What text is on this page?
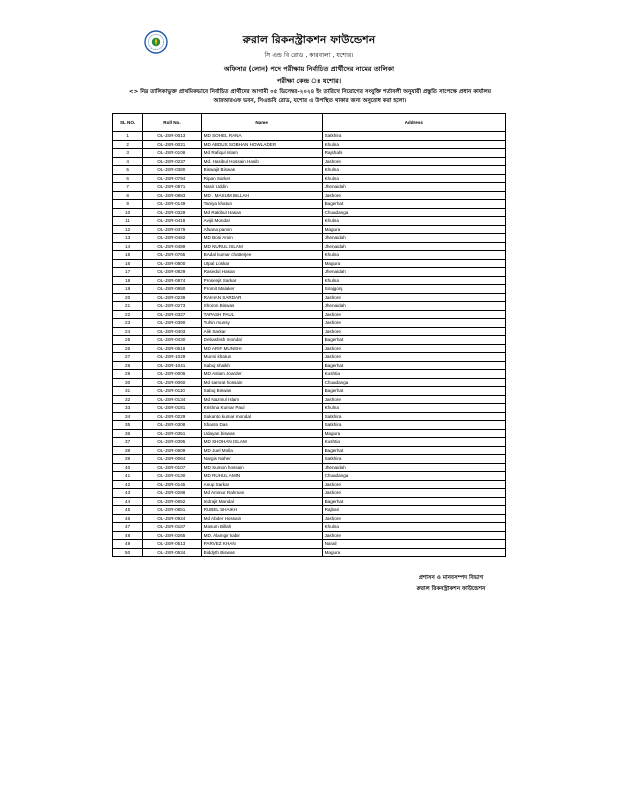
রুরাল রিকনস্ট্রাকশন ফাউন্ডেশন
সি এন্ড বি রোড , কারবালা , যশোর।
অফিসার (লোন) পদে পরীক্ষায় নির্বাচিত প্রার্থীদের নামের তালিকা
পরীক্ষা কেন্দ্র ঃ যশোর।
<> নিম্ন তালিকাভুক্ত প্রাথমিকভাবে নির্বাচিত প্রার্থীদের আগামী ০৫ ডিসেম্বর-২০২৪ ইং তারিখে নিয়োগের সংযুক্তি শর্তাবলী অনুযায়ী প্রস্তুতি সাপেক্ষে প্রধান কার্যালয় আরআরএফ ভবন, সিএন্ডবি রোড, যশোর এ উপস্থিত থাকার জন্য অনুরোধ করা হলো।
SL NO.	Roll No.	Name	Address
1	OL-JSR-0013	MD SOHEL RANA	Satkhira
2	OL-JSR-0021	MD ABDUS SOBHAN HOWLADER	Khulna
3	OL-JSR-0106	Md Rafiqul Islam	Rajshahi
4	OL-JSR-0237	Md. Hasibul Hossain Hasib	Jashore
5	OL-JSR-0380	Biswajit Biswas	Khulna
6	OL-JSR-0794	Ripan Sarker	Khulna
7	OL-JSR-0871	Nasir Uddin	Jhenaidah
8	OL-JSR-0883	MD . MASUM BILLAH	Jashore
9	OL-JSR-0149	Taniya khatun	Bagerhat
10	OL-JSR-0329	Md Rakibul Hasan	Chuadanga
11	OL-JSR-0418	Avijit Mondal	Khulna
12	OL-JSR-0479	Afsana parvin	Magura
13	OL-JSR-0482	MD Boni Amin	Jhenaidah
14	OL-JSR-0489	MD NURUL ISLAM	Jhenaidah
15	OL-JSR-0765	BAdal kumar chatterjee	Khulna
16	OL-JSR-0800	Utpal Loskar	Magura
17	OL-JSR-0829	Rasedul Hasan	Jhenaidah
18	OL-JSR-0874	Prosenjit Sarkar	Khulna
19	OL-JSR-0950	Promit Malaker	Sirajgonj
20	OL-JSR-0239	RAIHAN SARDAR	Jashore
21	OL-JSR-0273	Shoron Biswas	Jhenaidah
22	OL-JSR-0327	TAPASH PAUL	Jashore
23	OL-JSR-0390	Tuhin munsy	Jashore
24	OL-JSR-0403	Alik Sarkar	Jashore
25	OL-JSR-0430	Debashish mondal	Bagerhat
26	OL-JSR-0618	MD ARIF MUNSHI	Jashore
27	OL-JSR-1029	Munni khatun	Jashore
28	OL-JSR-1041	Sabuj shaikh	Bagerhat
29	OL-JSR-0006	MD.Aslam Joarder	Kushtia
30	OL-JSR-0060	Md samrat hossain	Chuadanga
31	OL-JSR-0110	Sabuj Biswas	Bagerhat
32	OL-JSR-0134	Md Nazmul Islam	Jashore
33	OL-JSR-0181	Krishna Kumar Paul	Khulna
34	OL-JSR-0229	Sukanto kumar mondal	Satkhira
35	OL-JSR-0308	Shanto Das	Satkhira
36	OL-JSR-0351	Udayan biswas	Magura
37	OL-JSR-0395	MD SHOHAN ISLAM	Kushtia
38	OL-JSR-0609	MD Juel Molla	Bagerhat
39	OL-JSR-0064	Nargis Naher	Satkhira
40	OL-JSR-0107	MD Sumon hossain	Jhenaidah
41	OL-JSR-0130	MD RUHUL AMIN	Chuadanga
42	OL-JSR-0145	Anup Sarkar	Jashore
43	OL-JSR-0288	Md Aminur Rahman	Jashore
44	OL-JSR-0652	Indrajit Mandal	Bagerhat
45	OL-JSR-0851	RUBEL SHAIKH	Rajbari
46	OL-JSR-0924	Md Abder Hossain	Jashore
47	OL-JSR-0187	Masum Billah	Khulna
48	OL-JSR-0265	MD. Alamgir kabir	Jashore
49	OL-JSR-0513	PARVEZ KHAN	Narail
50	OL-JSR-0534	Biddyth Biswas	Magura
প্রশাসন ও মানবসম্পদ বিভাগ
রুরাল রিকনস্ট্রাকশন ফাউন্ডেশন
